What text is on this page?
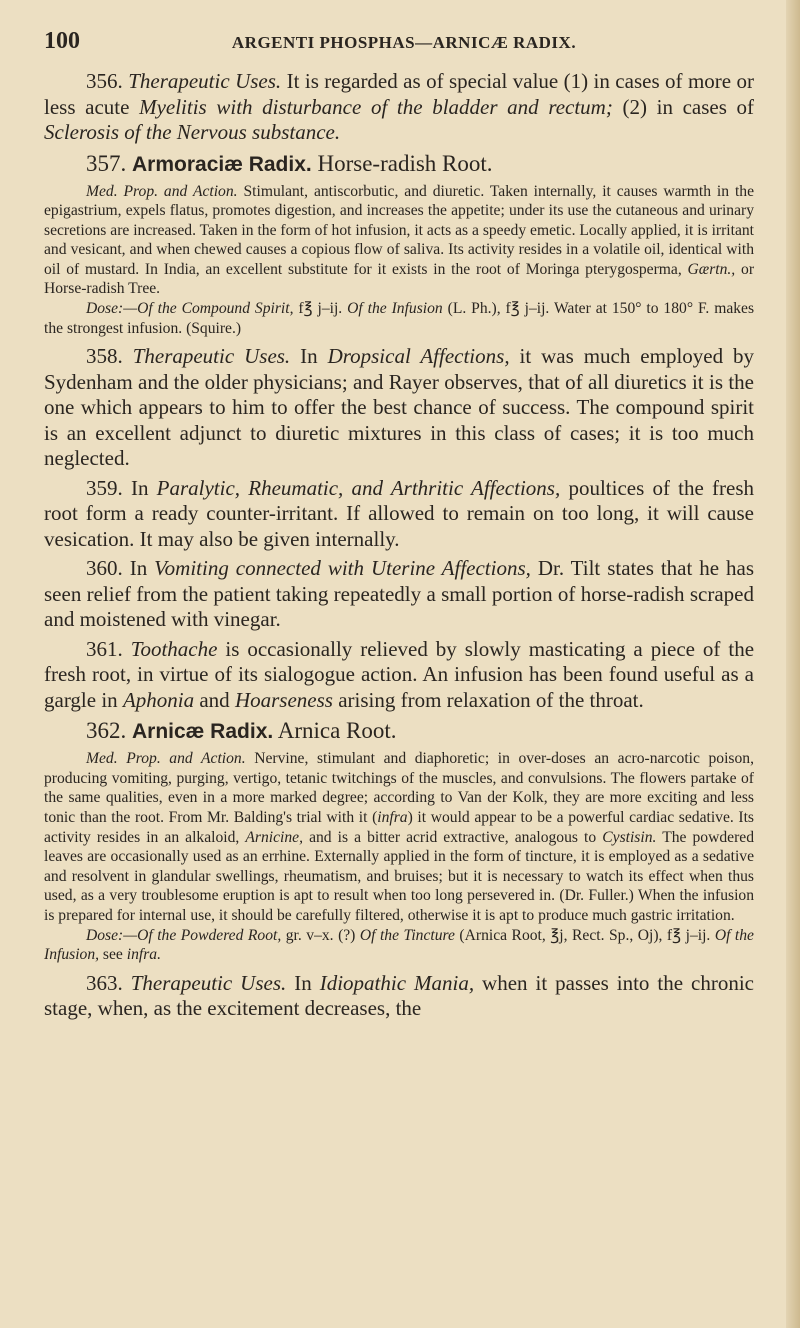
100	ARGENTI PHOSPHAS—ARNICÆ RADIX.

356. Therapeutic Uses. It is regarded as of special value (1) in cases of more or less acute Myelitis with disturbance of the bladder and rectum; (2) in cases of Sclerosis of the Nervous substance.

357. Armoraciæ Radix. Horse-radish Root.

Med. Prop. and Action. Stimulant, antiscorbutic, and diuretic. Taken internally, it causes warmth in the epigastrium, expels flatus, promotes digestion, and increases the appetite; under its use the cutaneous and urinary secretions are increased. Taken in the form of hot infusion, it acts as a speedy emetic. Locally applied, it is irritant and vesicant, and when chewed causes a copious flow of saliva. Its activity resides in a volatile oil, identical with oil of mustard. In India, an excellent substitute for it exists in the root of Moringa pterygosperma, Gærtn., or Horse-radish Tree.

Dose:—Of the Compound Spirit, f℥ j–ij. Of the Infusion (L. Ph.), f℥ j–ij. Water at 150° to 180° F. makes the strongest infusion. (Squire.)

358. Therapeutic Uses. In Dropsical Affections, it was much employed by Sydenham and the older physicians; and Rayer observes, that of all diuretics it is the one which appears to him to offer the best chance of success. The compound spirit is an excellent adjunct to diuretic mixtures in this class of cases; it is too much neglected.

359. In Paralytic, Rheumatic, and Arthritic Affections, poultices of the fresh root form a ready counter-irritant. If allowed to remain on too long, it will cause vesication. It may also be given internally.

360. In Vomiting connected with Uterine Affections, Dr. Tilt states that he has seen relief from the patient taking repeatedly a small portion of horse-radish scraped and moistened with vinegar.

361. Toothache is occasionally relieved by slowly masticating a piece of the fresh root, in virtue of its sialogogue action. An infusion has been found useful as a gargle in Aphonia and Hoarseness arising from relaxation of the throat.

362. Arnicæ Radix. Arnica Root.

Med. Prop. and Action. Nervine, stimulant and diaphoretic; in over-doses an acro-narcotic poison, producing vomiting, purging, vertigo, tetanic twitchings of the muscles, and convulsions. The flowers partake of the same qualities, even in a more marked degree; according to Van der Kolk, they are more exciting and less tonic than the root. From Mr. Balding's trial with it (infra) it would appear to be a powerful cardiac sedative. Its activity resides in an alkaloid, Arnicine, and is a bitter acrid extractive, analogous to Cystisin. The powdered leaves are occasionally used as an errhine. Externally applied in the form of tincture, it is employed as a sedative and resolvent in glandular swellings, rheumatism, and bruises; but it is necessary to watch its effect when thus used, as a very troublesome eruption is apt to result when too long persevered in. (Dr. Fuller.) When the infusion is prepared for internal use, it should be carefully filtered, otherwise it is apt to produce much gastric irritation.

Dose:—Of the Powdered Root, gr. v–x. (?) Of the Tincture (Arnica Root, ℥j, Rect. Sp., Oj), f℥ j–ij. Of the Infusion, see infra.

363. Therapeutic Uses. In Idiopathic Mania, when it passes into the chronic stage, when, as the excitement decreases, the
